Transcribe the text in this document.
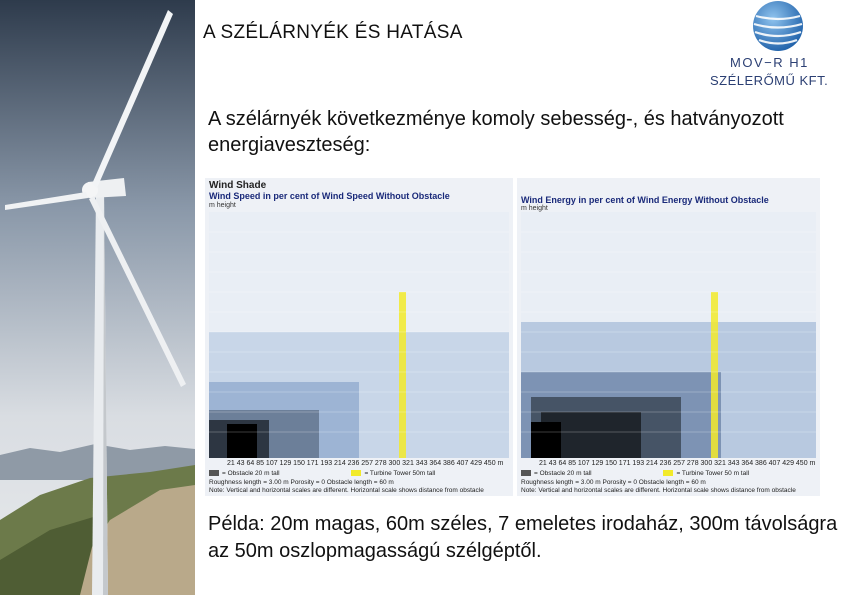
A SZÉLÁRNYÉK ÉS HATÁSA
MOV−R H1
SZÉLERŐMŰ KFT.
A szélárnyék következménye komoly sebesség-, és hatványozott energiaveszteség:
Wind Shade
Wind Speed in per cent of Wind Speed Without Obstacle
m height
21 43 64 85 107 129 150 171 193 214 236 257 278 300 321 343 364 386 407 429 450 m
= Obstacle 20 m tall	= Turbine Tower 50m tall
Roughness length = 3.00 m Porosity = 0 Obstacle length = 60 m
Note: Vertical and horizontal scales are different. Horizontal scale shows distance from obstacle
Wind Energy in per cent of Wind Energy Without Obstacle
m height
21 43 64 85 107 129 150 171 193 214 236 257 278 300 321 343 364 386 407 429 450 m
= Obstacle 20 m tall	= Turbine Tower 50 m tall
Roughness length = 3.00 m Porosity = 0 Obstacle length = 60 m
Note: Vertical and horizontal scales are different. Horizontal scale shows distance from obstacle
Példa: 20m magas, 60m széles, 7 emeletes irodaház, 300m távolságra az 50m oszlopmagasságú szélgéptől.
